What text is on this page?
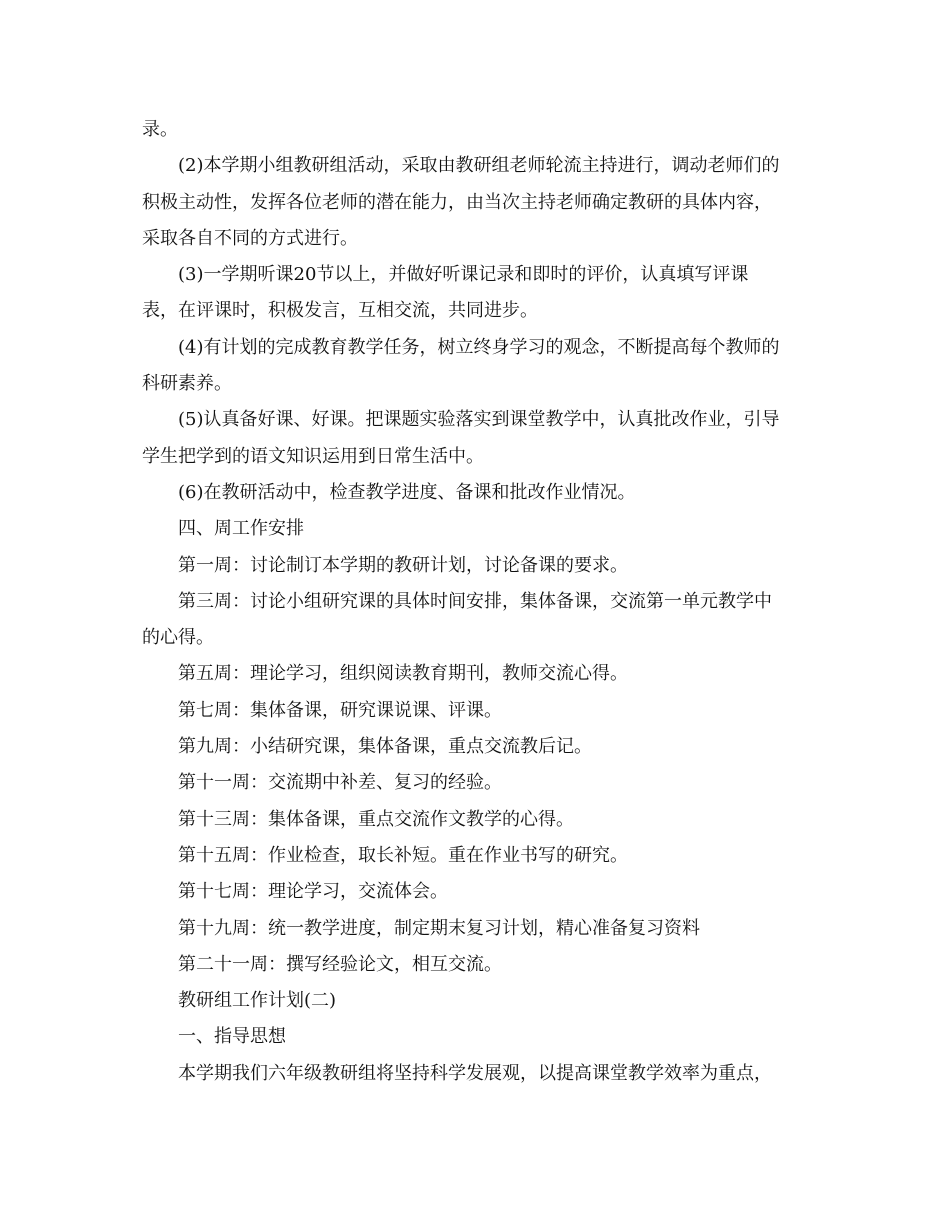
录。
(2)本学期小组教研组活动，采取由教研组老师轮流主持进行，调动老师们的
积极主动性，发挥各位老师的潜在能力，由当次主持老师确定教研的具体内容，
采取各自不同的方式进行。
(3)一学期听课20节以上，并做好听课记录和即时的评价，认真填写评课
表，在评课时，积极发言，互相交流，共同进步。
(4)有计划的完成教育教学任务，树立终身学习的观念，不断提高每个教师的
科研素养。
(5)认真备好课、好课。把课题实验落实到课堂教学中，认真批改作业，引导
学生把学到的语文知识运用到日常生活中。
(6)在教研活动中，检查教学进度、备课和批改作业情况。
四、周工作安排
第一周：讨论制订本学期的教研计划，讨论备课的要求。
第三周：讨论小组研究课的具体时间安排，集体备课，交流第一单元教学中
的心得。
第五周：理论学习，组织阅读教育期刊，教师交流心得。
第七周：集体备课，研究课说课、评课。
第九周：小结研究课，集体备课，重点交流教后记。
第十一周：交流期中补差、复习的经验。
第十三周：集体备课，重点交流作文教学的心得。
第十五周：作业检查，取长补短。重在作业书写的研究。
第十七周：理论学习，交流体会。
第十九周：统一教学进度，制定期末复习计划，精心准备复习资料
第二十一周：撰写经验论文，相互交流。
教研组工作计划(二)
一、指导思想
本学期我们六年级教研组将坚持科学发展观，以提高课堂教学效率为重点，
